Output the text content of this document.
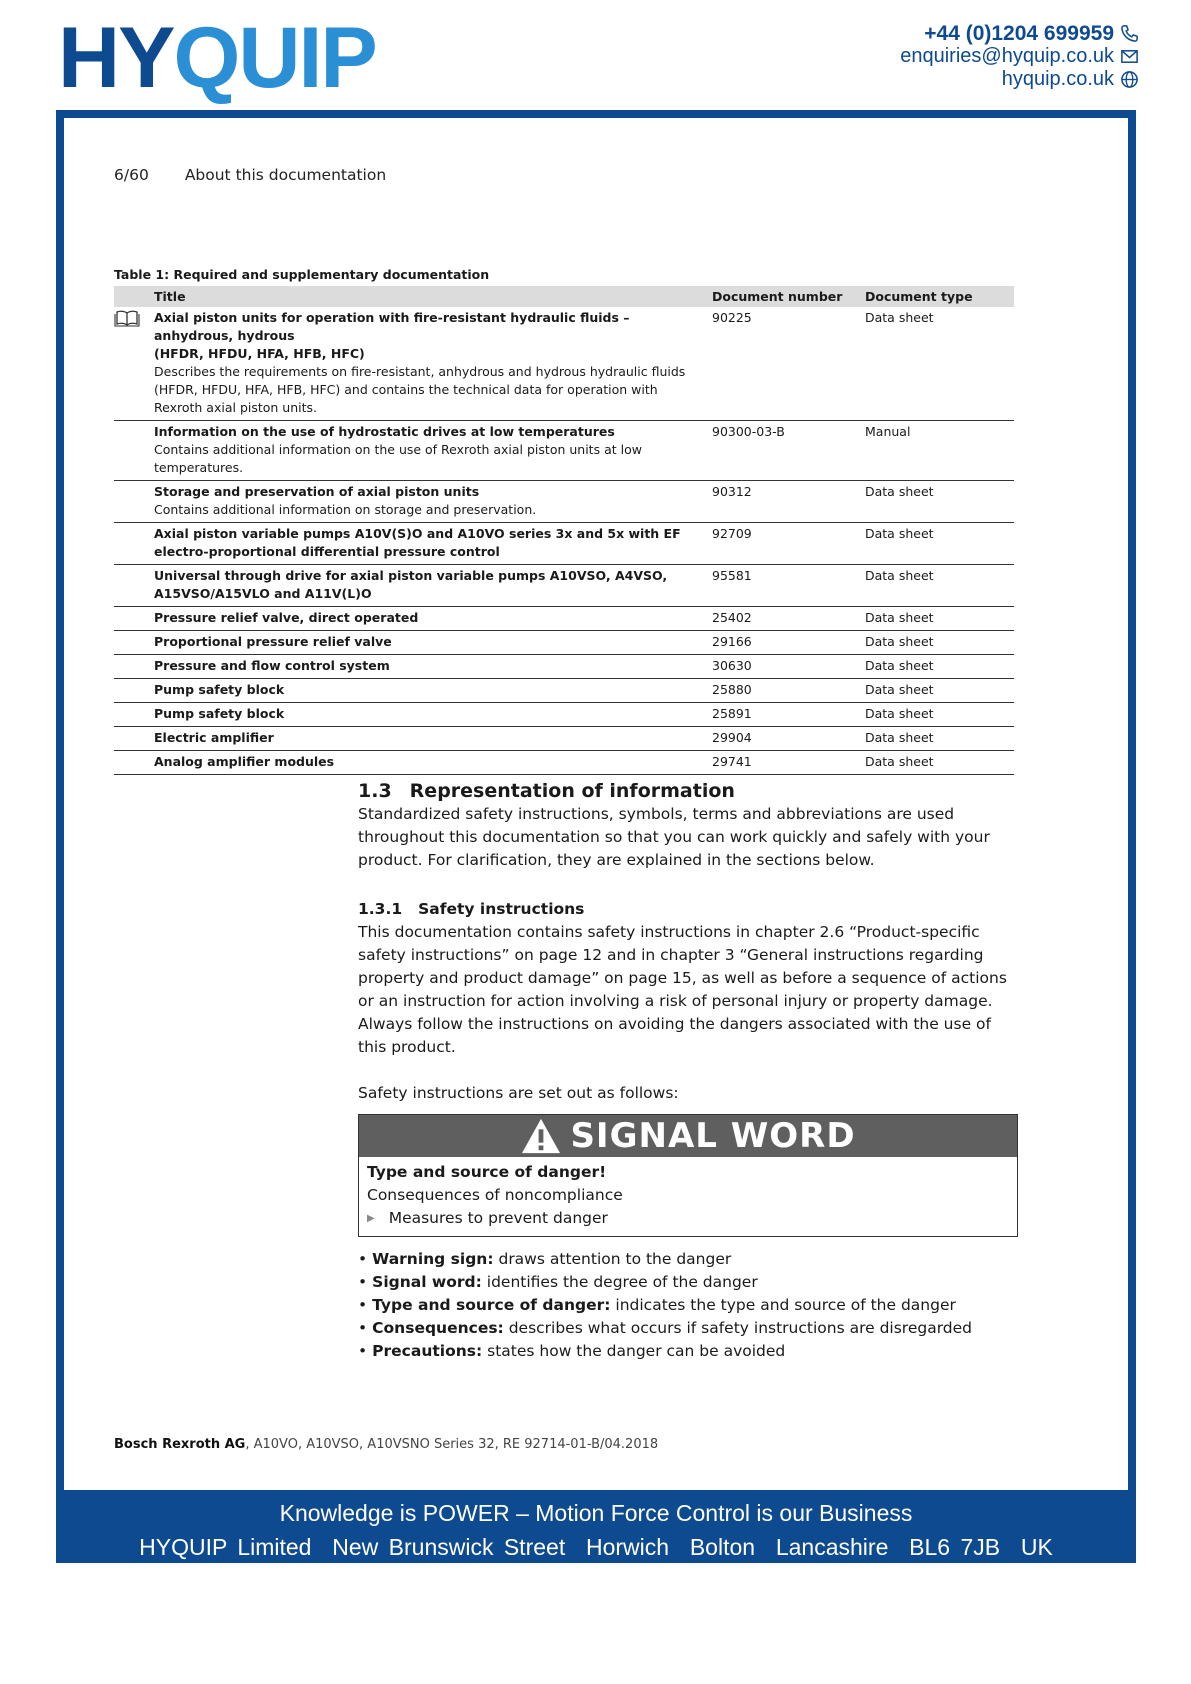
HY Q UIP	+44 (0)1204 699959
enquiries@hyquip.co.uk
hyquip.co.uk
6/60 About this documentation
Table 1: Required and supplementary documentation
	Title	Document number	Document type

Axial piston units for operation with fire-resistant hydraulic fluids – anhydrous, hydrous
(HFDR, HFDU, HFA, HFB, HFC)
Describes the requirements on fire-resistant, anhydrous and hydrous hydraulic fluids (HFDR, HFDU, HFA, HFB, HFC) and contains the technical data for operation with Rexroth axial piston units.	90225	Data sheet

	Information on the use of hydrostatic drives at low temperatures
Contains additional information on the use of Rexroth axial piston units at low temperatures.	90300-03-B	Manual

	Storage and preservation of axial piston units
Contains additional information on storage and preservation.	90312	Data sheet
	Axial piston variable pumps A10V(S)O and A10VO series 3x and 5x with EF electro-proportional differential pressure control	92709	Data sheet
	Universal through drive for axial piston variable pumps A10VSO, A4VSO, A15VSO/A15VLO and A11V(L)O	95581	Data sheet
	Pressure relief valve, direct operated	25402	Data sheet
	Proportional pressure relief valve	29166	Data sheet
	Pressure and flow control system	30630	Data sheet
	Pump safety block	25880	Data sheet
	Pump safety block	25891	Data sheet
	Electric amplifier	29904	Data sheet
	Analog amplifier modules	29741	Data sheet
1.3 Representation of information
Standardized safety instructions, symbols, terms and abbreviations are used throughout this documentation so that you can work quickly and safely with your product. For clarification, they are explained in the sections below.
1.3.1 Safety instructions
This documentation contains safety instructions in chapter 2.6 “Product-specific safety instructions” on page 12 and in chapter 3 “General instructions regarding property and product damage” on page 15, as well as before a sequence of actions or an instruction for action involving a risk of personal injury or property damage. Always follow the instructions on avoiding the dangers associated with the use of this product.
Safety instructions are set out as follows:
SIGNAL WORD
Type and source of danger!
Consequences of noncompliance
▶ Measures to prevent danger
• Warning sign: draws attention to the danger
• Signal word: identifies the degree of the danger
• Type and source of danger: indicates the type and source of the danger
• Consequences: describes what occurs if safety instructions are disregarded
• Precautions: states how the danger can be avoided
Bosch Rexroth AG, A10VO, A10VSO, A10VSNO Series 32, RE 92714-01-B/04.2018
Knowledge is POWER – Motion Force Control is our Business
HYQUIP Limited  New Brunswick Street  Horwich  Bolton  Lancashire  BL6 7JB  UK
